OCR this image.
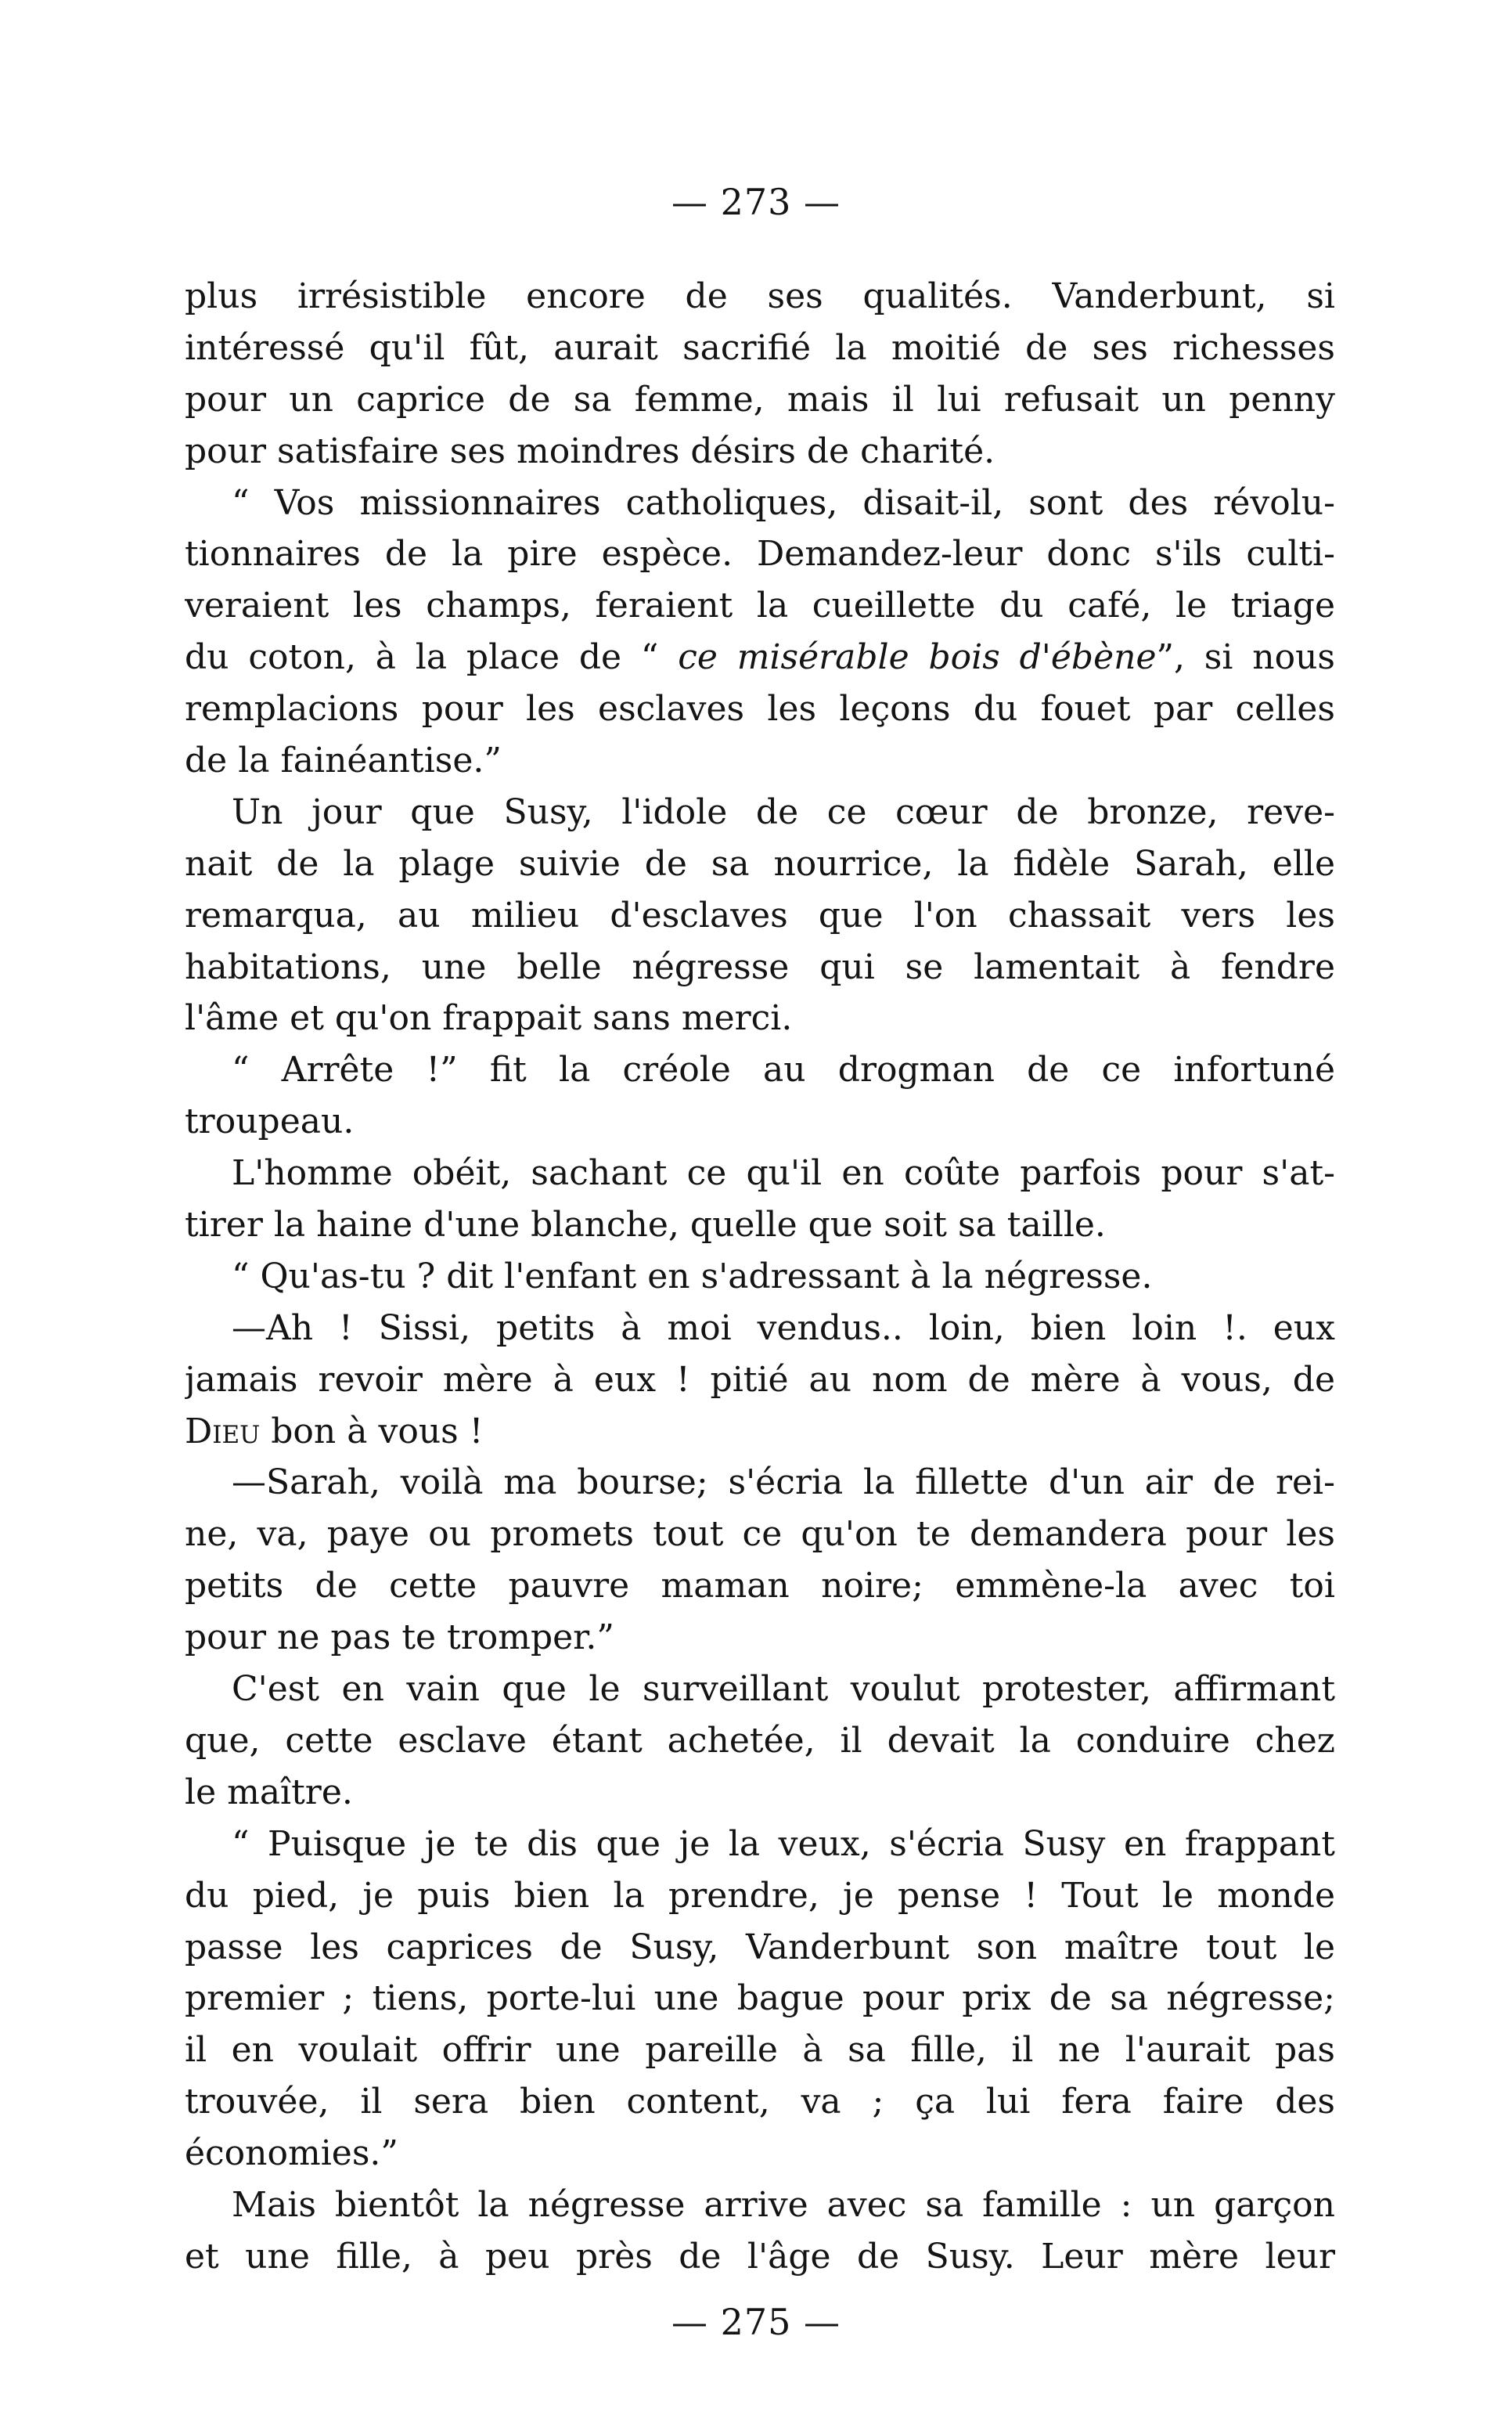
— 273 —
plus irrésistible encore de ses qualités. Vanderbunt, si
intéressé qu'il fût, aurait sacrifié la moitié de ses richesses
pour un caprice de sa femme, mais il lui refusait un penny
pour satisfaire ses moindres désirs de charité.
“ Vos missionnaires catholiques, disait-il, sont des révolu-
tionnaires de la pire espèce. Demandez-leur donc s'ils culti-
veraient les champs, feraient la cueillette du café, le triage
du coton, à la place de “ ce misérable bois d'ébène”, si nous
remplacions pour les esclaves les leçons du fouet par celles
de la fainéantise.”
Un jour que Susy, l'idole de ce cœur de bronze, reve-
nait de la plage suivie de sa nourrice, la fidèle Sarah, elle
remarqua, au milieu d'esclaves que l'on chassait vers les
habitations, une belle négresse qui se lamentait à fendre
l'âme et qu'on frappait sans merci.
“ Arrête !” fit la créole au drogman de ce infortuné
troupeau.
L'homme obéit, sachant ce qu'il en coûte parfois pour s'at-
tirer la haine d'une blanche, quelle que soit sa taille.
“ Qu'as-tu ? dit l'enfant en s'adressant à la négresse.
—Ah ! Sissi, petits à moi vendus.. loin, bien loin !. eux
jamais revoir mère à eux ! pitié au nom de mère à vous, de
Dieu bon à vous !
—Sarah, voilà ma bourse; s'écria la fillette d'un air de rei-
ne, va, paye ou promets tout ce qu'on te demandera pour les
petits de cette pauvre maman noire; emmène-la avec toi
pour ne pas te tromper.”
C'est en vain que le surveillant voulut protester, affirmant
que, cette esclave étant achetée, il devait la conduire chez
le maître.
“ Puisque je te dis que je la veux, s'écria Susy en frappant
du pied, je puis bien la prendre, je pense ! Tout le monde
passe les caprices de Susy, Vanderbunt son maître tout le
premier ; tiens, porte-lui une bague pour prix de sa négresse;
il en voulait offrir une pareille à sa fille, il ne l'aurait pas
trouvée, il sera bien content, va ; ça lui fera faire des
économies.”
Mais bientôt la négresse arrive avec sa famille : un garçon
et une fille, à peu près de l'âge de Susy. Leur mère leur
— 275 —
